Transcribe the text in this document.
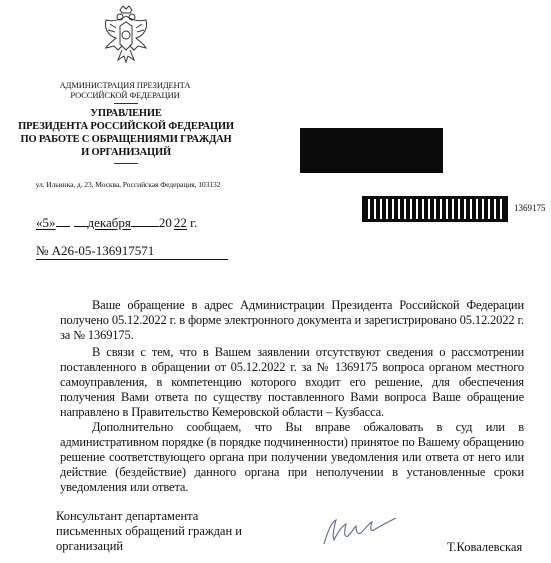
АДМИНИСТРАЦИЯ ПРЕЗИДЕНТА
РОССИЙСКОЙ ФЕДЕРАЦИИ
УПРАВЛЕНИЕ
ПРЕЗИДЕНТА РОССИЙСКОЙ ФЕДЕРАЦИИ
ПО РАБОТЕ С ОБРАЩЕНИЯМИ ГРАЖДАН
И ОРГАНИЗАЦИЙ
ул. Ильинка, д. 23, Москва, Российская Федерация, 103132
1369175
«5» декабря 20 22 г.
№ А26-05-136917571
Ваше обращение в адрес Администрации Президента Российской Федерации получено 05.12.2022 г. в форме электронного документа и зарегистрировано 05.12.2022 г. за № 1369175.
В связи с тем, что в Вашем заявлении отсутствуют сведения о рассмотрении поставленного в обращении от 05.12.2022 г. за № 1369175 вопроса органом местного самоуправления, в компетенцию которого входит его решение, для обеспечения получения Вами ответа по существу поставленного Вами вопроса Ваше обращение направлено в Правительство Кемеровской области – Кузбасса.
Дополнительно сообщаем, что Вы вправе обжаловать в суд или в административном порядке (в порядке подчиненности) принятое по Вашему обращению решение соответствующего органа при получении уведомления или ответа от него или действие (бездействие) данного органа при неполучении в установленные сроки уведомления или ответа.
Консультант департамента
письменных обращений граждан и
организаций	Т.Ковалевская
